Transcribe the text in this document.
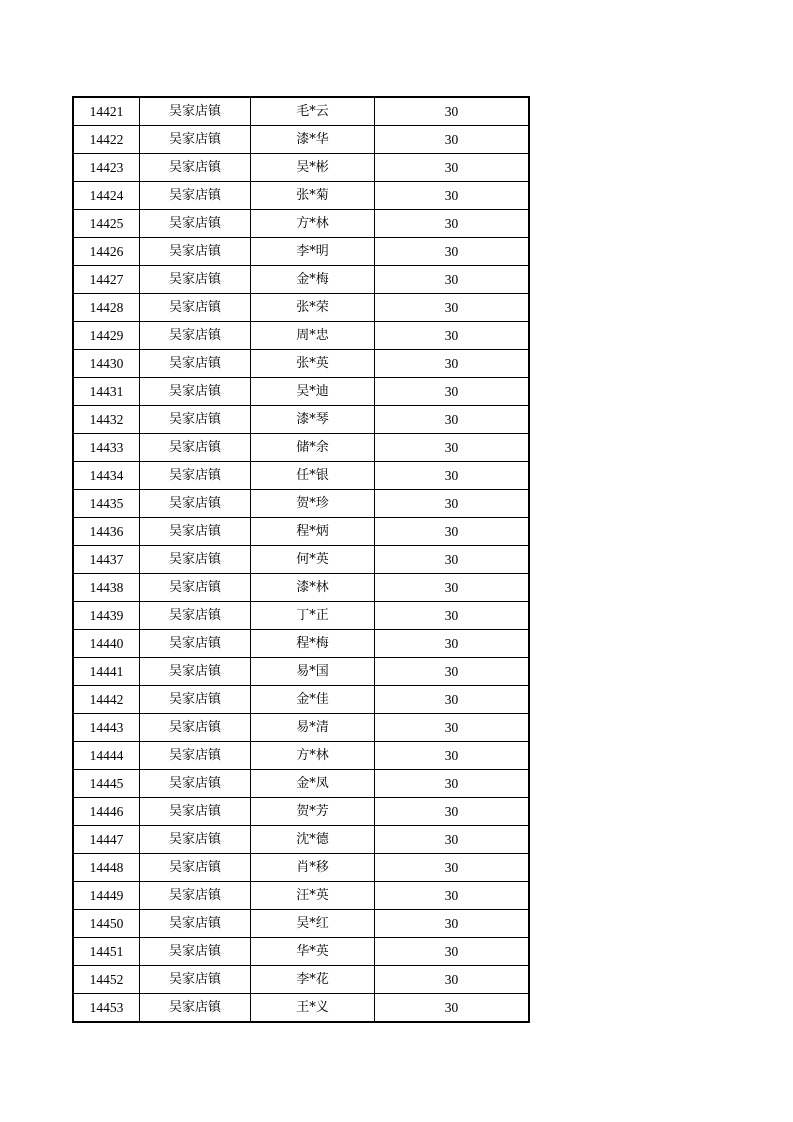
14421	吴家店镇	毛*云	30
14422	吴家店镇	漆*华	30
14423	吴家店镇	吴*彬	30
14424	吴家店镇	张*菊	30
14425	吴家店镇	方*林	30
14426	吴家店镇	李*明	30
14427	吴家店镇	金*梅	30
14428	吴家店镇	张*荣	30
14429	吴家店镇	周*忠	30
14430	吴家店镇	张*英	30
14431	吴家店镇	吴*迪	30
14432	吴家店镇	漆*琴	30
14433	吴家店镇	储*余	30
14434	吴家店镇	任*银	30
14435	吴家店镇	贺*珍	30
14436	吴家店镇	程*炳	30
14437	吴家店镇	何*英	30
14438	吴家店镇	漆*林	30
14439	吴家店镇	丁*正	30
14440	吴家店镇	程*梅	30
14441	吴家店镇	易*国	30
14442	吴家店镇	金*佳	30
14443	吴家店镇	易*清	30
14444	吴家店镇	方*林	30
14445	吴家店镇	金*凤	30
14446	吴家店镇	贺*芳	30
14447	吴家店镇	沈*德	30
14448	吴家店镇	肖*移	30
14449	吴家店镇	汪*英	30
14450	吴家店镇	吴*红	30
14451	吴家店镇	华*英	30
14452	吴家店镇	李*花	30
14453	吴家店镇	王*义	30
